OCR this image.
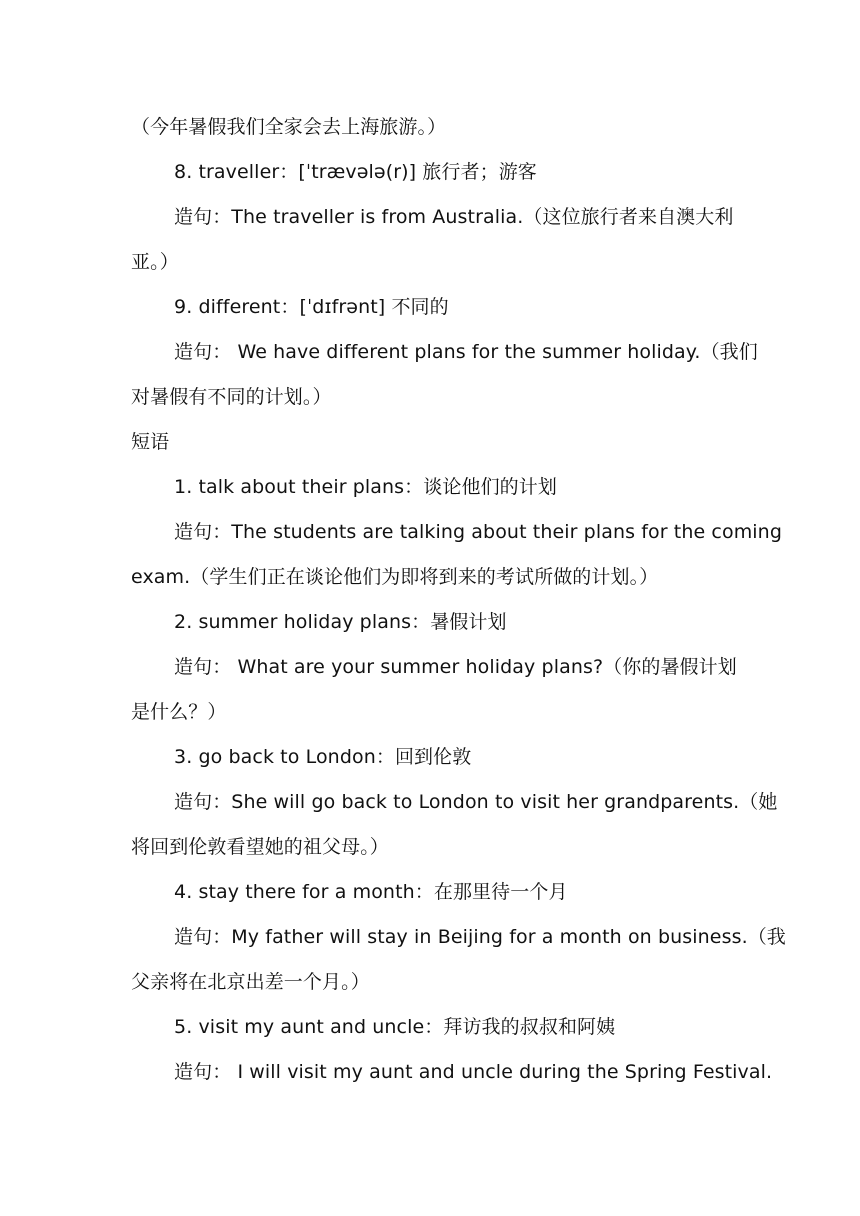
（今年暑假我们全家会去上海旅游。）
8. traveller：[ˈtrævələ(r)] 旅行者；游客
造句：The traveller is from Australia.（这位旅行者来自澳大利
亚。）
9. different：[ˈdɪfrənt] 不同的
造句： We have different plans for the summer holiday.（我们
对暑假有不同的计划。）
短语
1. talk about their plans：谈论他们的计划
造句：The students are talking about their plans for the coming
exam.（学生们正在谈论他们为即将到来的考试所做的计划。）
2. summer holiday plans：暑假计划
造句： What are your summer holiday plans?（你的暑假计划
是什么？）
3. go back to London：回到伦敦
造句：She will go back to London to visit her grandparents.（她
将回到伦敦看望她的祖父母。）
4. stay there for a month：在那里待一个月
造句：My father will stay in Beijing for a month on business.（我
父亲将在北京出差一个月。）
5. visit my aunt and uncle：拜访我的叔叔和阿姨
造句： I will visit my aunt and uncle during the Spring Festival.
